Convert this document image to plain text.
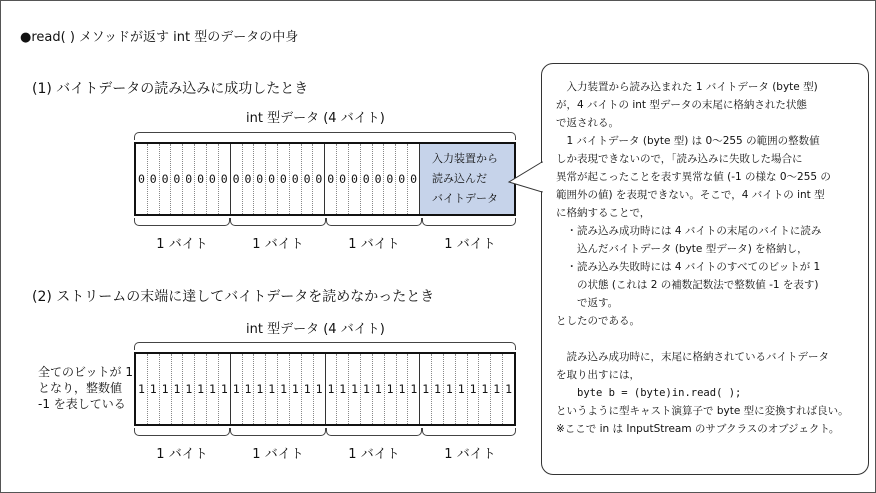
●read( ) メソッドが返す int 型のデータの中身
(1) バイトデータの読み込みに成功したとき
int 型データ (4 バイト)
0 0 0 0 0 0 0 0 0 0 0 0 0 0 0 0 0 0 0 0 0 0 0 0
入力装置から
読み込んだ
バイトデータ
1 バイト	1 バイト	1 バイト	1 バイト
(2) ストリームの末端に達してバイトデータを読めなかったとき
int 型データ (4 バイト)
全てのビットが 1 となり，整数値 -1 を表している
1 1 1 1 1 1 1 1 1 1 1 1 1 1 1 1 1 1 1 1 1 1 1 1 1 1 1 1 1 1 1 1
1 バイト	1 バイト	1 バイト	1 バイト
　入力装置から読み込まれた 1 バイトデータ (byte 型)
が，4 バイトの int 型データの末尾に格納された状態
で返される。
　1 バイトデータ (byte 型) は 0〜255 の範囲の整数値
しか表現できないので，「読み込みに失敗した場合に
異常が起こったことを表す異常な値 (-1 の様な 0〜255 の
範囲外の値) を表現できない。そこで，4 バイトの int 型
に格納することで，
　・読み込み成功時には 4 バイトの末尾のバイトに読み
　　込んだバイトデータ (byte 型データ) を格納し，
　・読み込み失敗時には 4 バイトのすべてのビットが 1
　　の状態 (これは 2 の補数記数法で整数値 -1 を表す)
　　で返す。
としたのである。

　読み込み成功時に，末尾に格納されているバイトデータ
を取り出すには，
　　byte b = (byte)in.read( );
というように型キャスト演算子で byte 型に変換すれば良い。
※ここで in は InputStream のサブクラスのオブジェクト。
